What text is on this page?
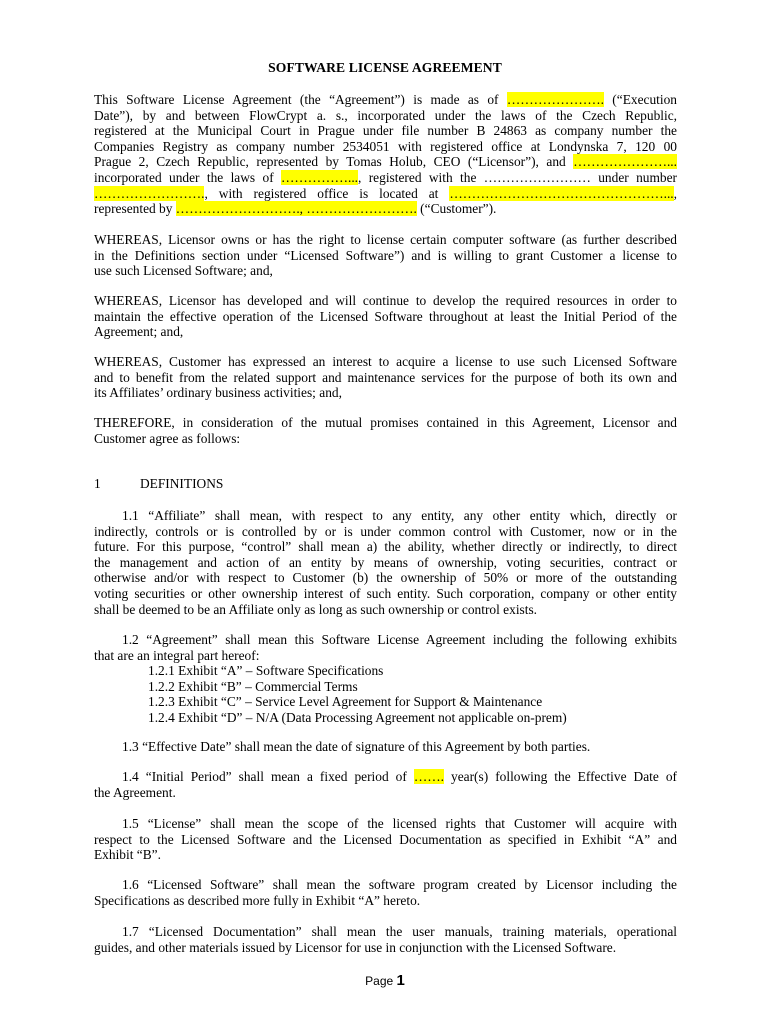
SOFTWARE LICENSE AGREEMENT
This Software License Agreement (the “Agreement”) is made as of …………………. (“Execution
Date”), by and between FlowCrypt a. s., incorporated under the laws of the Czech Republic,
registered at the Municipal Court in Prague under file number B 24863 as company number the
Companies Registry as company number 2534051 with registered office at Londynska 7, 120 00
Prague 2, Czech Republic, represented by Tomas Holub, CEO (“Licensor”), and …………………...
incorporated under the laws of ……………..., registered with the …………………… under number
……………………., with registered office is located at …………………………………………...,
represented by ………………………., ……………………. (“Customer”).
WHEREAS, Licensor owns or has the right to license certain computer software (as further described
in the Definitions section under “Licensed Software”) and is willing to grant Customer a license to
use such Licensed Software; and,
WHEREAS, Licensor has developed and will continue to develop the required resources in order to
maintain the effective operation of the Licensed Software throughout at least the Initial Period of the
Agreement; and,
WHEREAS, Customer has expressed an interest to acquire a license to use such Licensed Software
and to benefit from the related support and maintenance services for the purpose of both its own and
its Affiliates’ ordinary business activities; and,
THEREFORE, in consideration of the mutual promises contained in this Agreement, Licensor and
Customer agree as follows:
1	DEFINITIONS
1.1 “Affiliate” shall mean, with respect to any entity, any other entity which, directly or
indirectly, controls or is controlled by or is under common control with Customer, now or in the
future. For this purpose, “control” shall mean a) the ability, whether directly or indirectly, to direct
the management and action of an entity by means of ownership, voting securities, contract or
otherwise and/or with respect to Customer (b) the ownership of 50% or more of the outstanding
voting securities or other ownership interest of such entity. Such corporation, company or other entity
shall be deemed to be an Affiliate only as long as such ownership or control exists.
1.2 “Agreement” shall mean this Software License Agreement including the following exhibits
that are an integral part hereof:
1.2.1 Exhibit “A” – Software Specifications
1.2.2 Exhibit “B” – Commercial Terms
1.2.3 Exhibit “C” – Service Level Agreement for Support & Maintenance
1.2.4 Exhibit “D” – N/A (Data Processing Agreement not applicable on-prem)
1.3 “Effective Date” shall mean the date of signature of this Agreement by both parties.
1.4 “Initial Period” shall mean a fixed period of ……. year(s) following the Effective Date of
the Agreement.
1.5 “License” shall mean the scope of the licensed rights that Customer will acquire with
respect to the Licensed Software and the Licensed Documentation as specified in Exhibit “A” and
Exhibit “B”.
1.6 “Licensed Software” shall mean the software program created by Licensor including the
Specifications as described more fully in Exhibit “A” hereto.
1.7 “Licensed Documentation” shall mean the user manuals, training materials, operational
guides, and other materials issued by Licensor for use in conjunction with the Licensed Software.
Page 1
